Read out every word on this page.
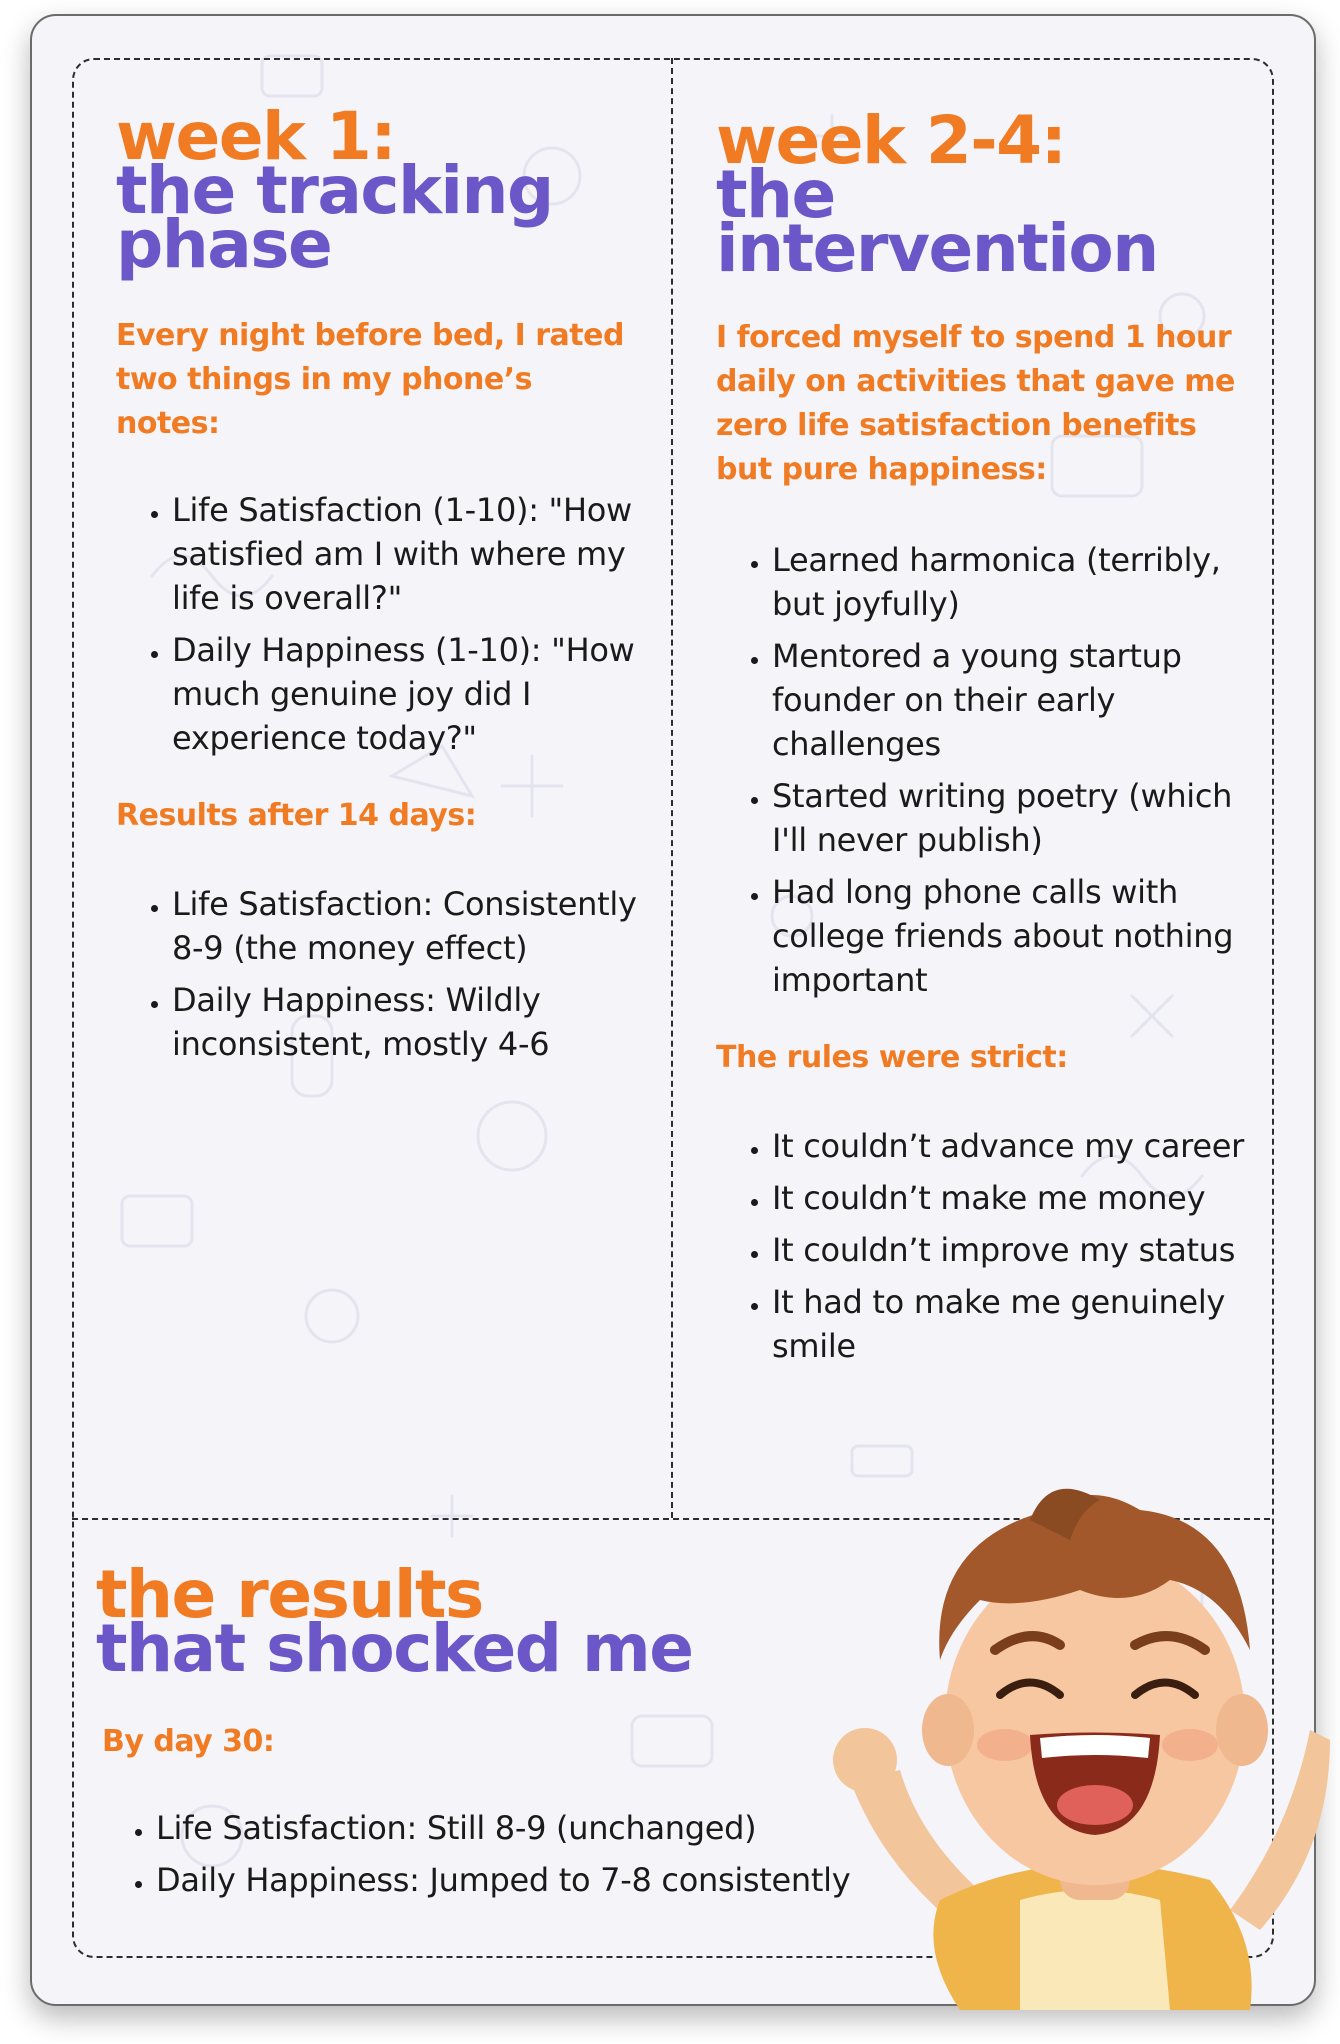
week 1:
the tracking
phase

Every night before bed, I rated two things in my phone’s notes:

• Life Satisfaction (1-10): "How satisfied am I with where my life is overall?"
• Daily Happiness (1-10): "How much genuine joy did I experience today?"

Results after 14 days:

• Life Satisfaction: Consistently 8-9 (the money effect)
• Daily Happiness: Wildly inconsistent, mostly 4-6
week 2-4:
the
intervention

I forced myself to spend 1 hour daily on activities that gave me zero life satisfaction benefits but pure happiness:

• Learned harmonica (terribly, but joyfully)
• Mentored a young startup founder on their early challenges
• Started writing poetry (which I'll never publish)
• Had long phone calls with college friends about nothing important

The rules were strict:

• It couldn’t advance my career
• It couldn’t make me money
• It couldn’t improve my status
• It had to make me genuinely smile
the results
that shocked me

By day 30:

• Life Satisfaction: Still 8-9 (unchanged)
• Daily Happiness: Jumped to 7-8 consistently
